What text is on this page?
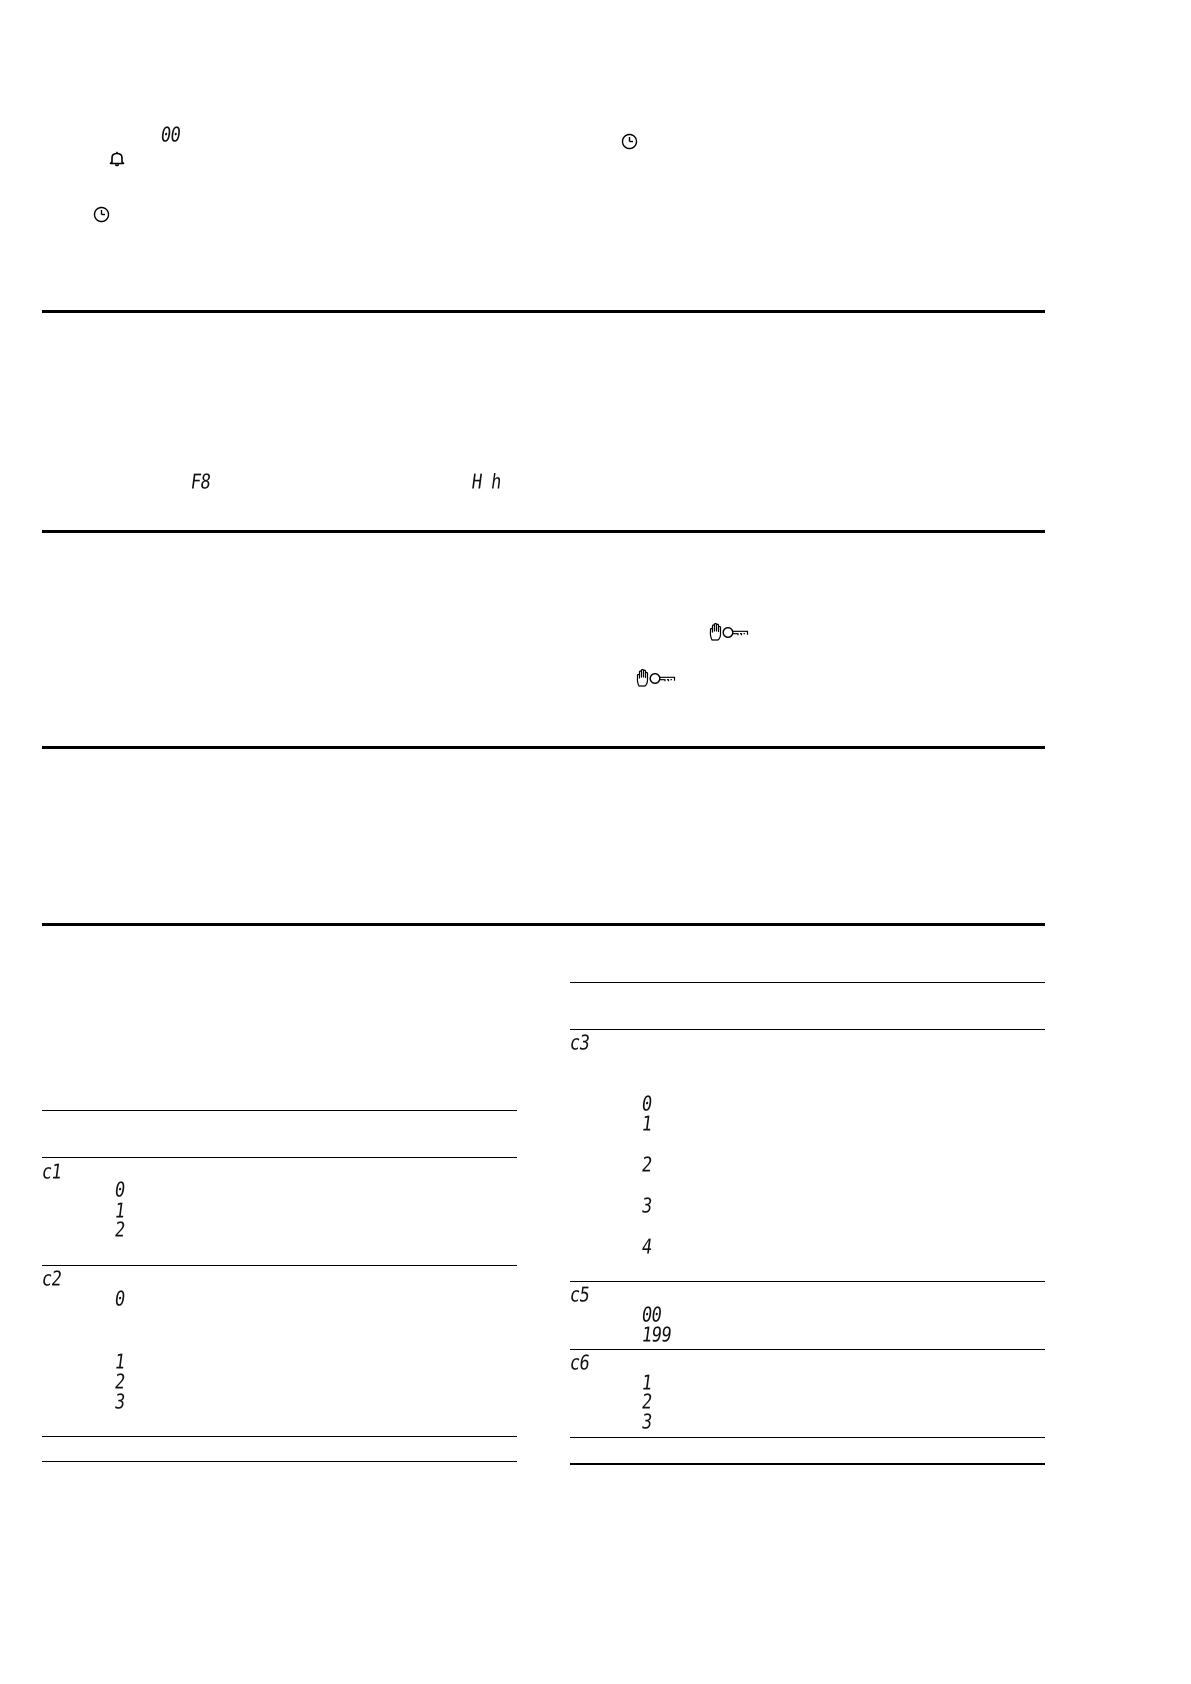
00
F8	H h
c1
0
1
2
c2
0
1
2
3
c3
0
1
2
3
4
c5
00
199
c6
1
2
3
